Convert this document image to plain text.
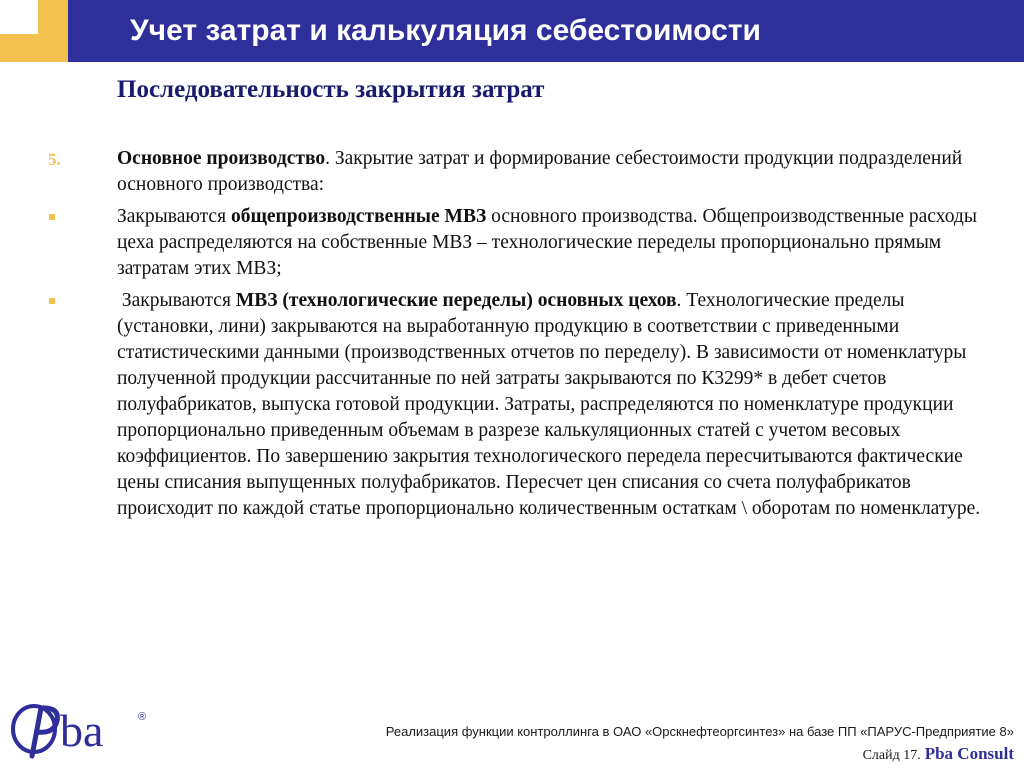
Учет затрат и калькуляция себестоимости
Последовательность закрытия затрат
5.	Основное производство. Закрытие затрат и формирование себестоимости продукции подразделений основного производства:
Закрываются общепроизводственные МВЗ основного производства. Общепроизводственные расходы цеха распределяются на собственные МВЗ – технологические переделы пропорционально прямым затратам этих МВЗ;
Закрываются МВЗ (технологические переделы) основных цехов. Технологические пределы (установки, лини) закрываются на выработанную продукцию в соответствии с приведенными статистическими данными (производственных отчетов по переделу). В зависимости от номенклатуры полученной продукции рассчитанные по ней затраты закрываются по К3299* в дебет счетов полуфабрикатов, выпуска готовой продукции. Затраты, распределяются по номенклатуре продукции пропорционально приведенным объемам в разрезе калькуляционных статей с учетом весовых коэффициентов. По завершению закрытия технологического передела пересчитываются фактические цены списания выпущенных полуфабрикатов. Пересчет цен списания со счета полуфабрикатов происходит по каждой статье пропорционально количественным остаткам \ оборотам по номенклатуре.
ba	®
Реализация функции контроллинга в ОАО «Орскнефтеоргсинтез» на базе ПП «ПАРУС-Предприятие 8»
Слайд 17. Pba Consult
